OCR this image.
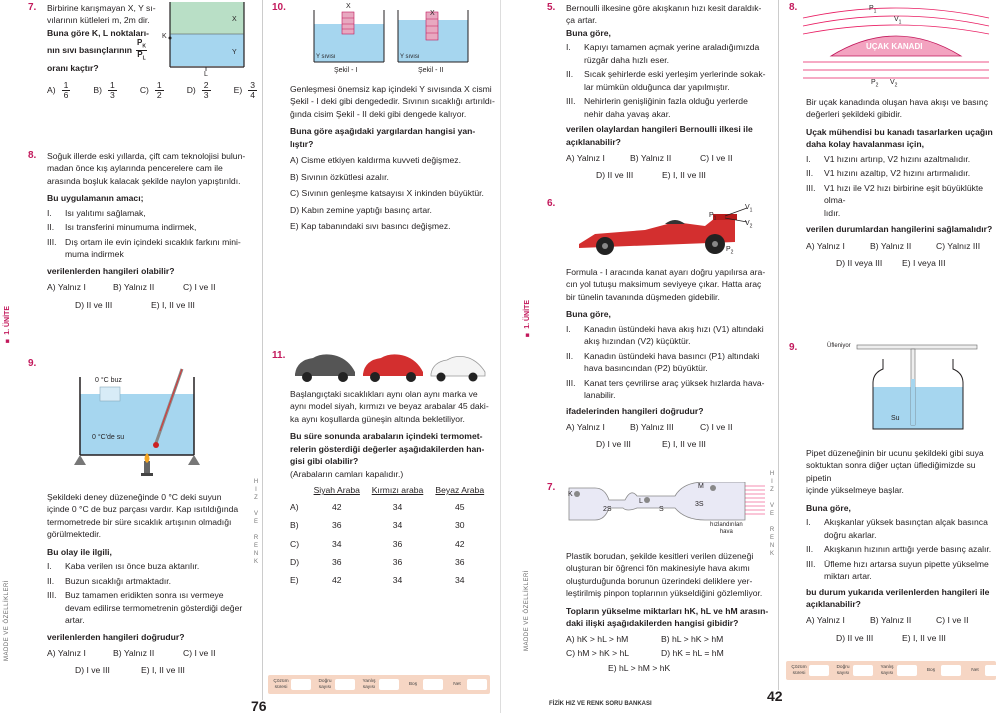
■ 1. ÜNİTE
MADDE VE ÖZELLİKLERİ
H
I
Z
V
E
R
E
N
K
7. Birbirine karışmayan X, Y sı-

vılarının kütleleri m, 2m dir.

Buna göre K, L noktaları-

nın sıvı basınçlarının
$P_K$
$P_L$

oranı kaçtır?

X
Y
K
L
A)
1
6	B)
1
3	C)
1
2	D)
2
3	E)
3
4
8. Soğuk illerde eski yıllarda, çift cam teknolojisi bulun-

madan önce kış aylarında pencerelere cam ile

arasında boşluk kalacak şekilde naylon yapıştırıldı.

Bu uygulamanın amacı;

I.	Isı yalıtımı sağlamak,
II.	Isı transferini minumuma indirmek,
III. Dış ortam ile evin içindeki sıcaklık farkını mini-
muma indirmek

verilenlerden hangileri olabilir?

A) Yalnız I	B) Yalnız II	C) I ve II
D) II ve III	E) I, II ve III
9.
0 °C buz
0 °C'de su

Şekildeki deney düzeneğinde 0 °C deki suyun

içinde 0 °C de buz parçası vardır. Kap ısıtıldığında

termometrede bir süre sıcaklık artışının olmadığı

görülmektedir.

Bu olay ile ilgili,

I.	Kaba verilen ısı önce buza aktarılır.
II.	Buzun sıcaklığı artmaktadır.
III. Buz tamamen eridikten sonra ısı vermeye
devam edilirse termometrenin gösterdiği değer
artar.

verilenlerden hangileri doğrudur?

A) Yalnız I	B) Yalnız II	C) I ve II
D) I ve III	E) I, II ve III
10.	X
X
Y sıvısı	Y sıvısı
Şekil - I	Şekil - II

Genleşmesi önemsiz kap içindeki Y sıvısında X cismi

Şekil - I deki gibi dengededir. Sıvının sıcaklığı artırıldı-

ğında cisim Şekil - II deki gibi dengede kalıyor.

Buna göre aşağıdaki yargılardan hangisi yan-

lıştır?

A) Cisme etkiyen kaldırma kuvveti değişmez.

B) Sıvının özkütlesi azalır.

C) Sıvının genleşme katsayısı X inkinden büyüktür.

D) Kabın zemine yaptığı basınç artar.

E) Kap tabanındaki sıvı basıncı değişmez.

11.

Başlangıçtaki sıcaklıkları aynı olan aynı marka ve

aynı model siyah, kırmızı ve beyaz arabalar 45 daki-

ka aynı koşullarda güneşin altında bekletiliyor.

Bu süre sonunda arabaların içindeki termomet-

relerin gösterdiği değerler aşağıdakilerden han-

gisi gibi olabilir?

(Arabaların camları kapalıdır.)

	Siyah Araba	Kırmızı araba	Beyaz Araba
A)	42	34	45
B)	36	34	30
C)	34	36	42
D)	36	36	36
E)	42	34	34
Çözüm süresi
Doğru sayısı
Yanlış sayısı
Boş	Net
76
■ 1. ÜNİTE
MADDE VE ÖZELLİKLERİ
H
I
Z
V
E
R
E
N
K
5. Bernoulli ilkesine göre akışkanın hızı kesit daraldık-

ça artar.

Buna göre,

I.	Kapıyı tamamen açmak yerine araladığımızda
rüzgâr daha hızlı eser.
II.	Sıcak şehirlerde eski yerleşim yerlerinde sokak-
lar mümkün olduğunca dar yapılmıştır.
III. Nehirlerin genişliğinin fazla olduğu yerlerde
nehir daha yavaş akar.

verilen olaylardan hangileri Bernoulli ilkesi ile

açıklanabilir?

A) Yalnız I	B) Yalnız II	C) I ve II
D) II ve III	E) I, II ve III
6.
$P_1$
$P_2$
$V_1$
$V_2$

Formula - I aracında kanat ayarı doğru yapılırsa ara-

cın yol tutuşu maksimum seviyeye çıkar. Hatta araç

bir tünelin tavanında düşmeden gidebilir.

Buna göre,

I.	Kanadın üstündeki hava akış hızı (V1) altındaki
akış hızından (V2) küçüktür.
II.	Kanadın üstündeki hava basıncı (P1) altındaki
hava basıncından (P2) büyüktür.
III. Kanat ters çevrilirse araç yüksek hızlarda hava-
lanabilir.

ifadelerinden hangileri doğrudur?

A) Yalnız I	B) Yalnız III	C) I ve II
D) I ve III	E) I, II ve III
7.
K
L
M
2S	S
3S
hızlandırılan
hava

Plastik borudan, şekilde kesitleri verilen düzeneği

oluşturan bir öğrenci fön makinesiyle hava akımı

oluşturduğunda borunun üzerindeki deliklere yer-

leştirilmiş pinpon toplarının yükseldiğini gözlemliyor.

Topların yükselme miktarları hK, hL ve hM arasın-

daki ilişki aşağıdakilerden hangisi gibidir?

A) hK > hL > hM	B) hL > hK > hM
C) hM > hK > hL	D) hK = hL = hM
E) hL > hM > hK
FİZİK HIZ VE RENK SORU BANKASI
8.	$P_1$
$V_1$
UÇAK KANADI
$P_2$ $V_2$

Bir uçak kanadında oluşan hava akışı ve basınç

değerleri şekildeki gibidir.

Uçak mühendisi bu kanadı tasarlarken uçağın

daha kolay havalanması için,

I.	V1 hızını artırıp, V2 hızını azaltmalıdır.
II.	V1 hızını azaltıp, V2 hızını artırmalıdır.
III. V1 hızı ile V2 hızı birbirine eşit büyüklükte olma-
lıdır.

verilen durumlardan hangilerini sağlamalıdır?

A) Yalnız I	B) Yalnız II	C) Yalnız III
D) II veya III	E) I veya III
9.	Üfleniyor
Su

Pipet düzeneğinin bir ucunu şekildeki gibi suya

soktuktan sonra diğer uçtan üflediğimizde su pipetin

içinde yükselmeye başlar.

Buna göre,

I.	Akışkanlar yüksek basınçtan alçak basınca
doğru akarlar.
II.	Akışkanın hızının arttığı yerde basınç azalır.
III. Üfleme hızı artarsa suyun pipette yükselme
miktarı artar.

bu durum yukarıda verilenlerden hangileri ile

açıklanabilir?

A) Yalnız I	B) Yalnız II	C) I ve II
D) II ve III	E) I, II ve III
Çözüm süresi
Doğru sayısı
Yanlış sayısı
Boş	Net
42
